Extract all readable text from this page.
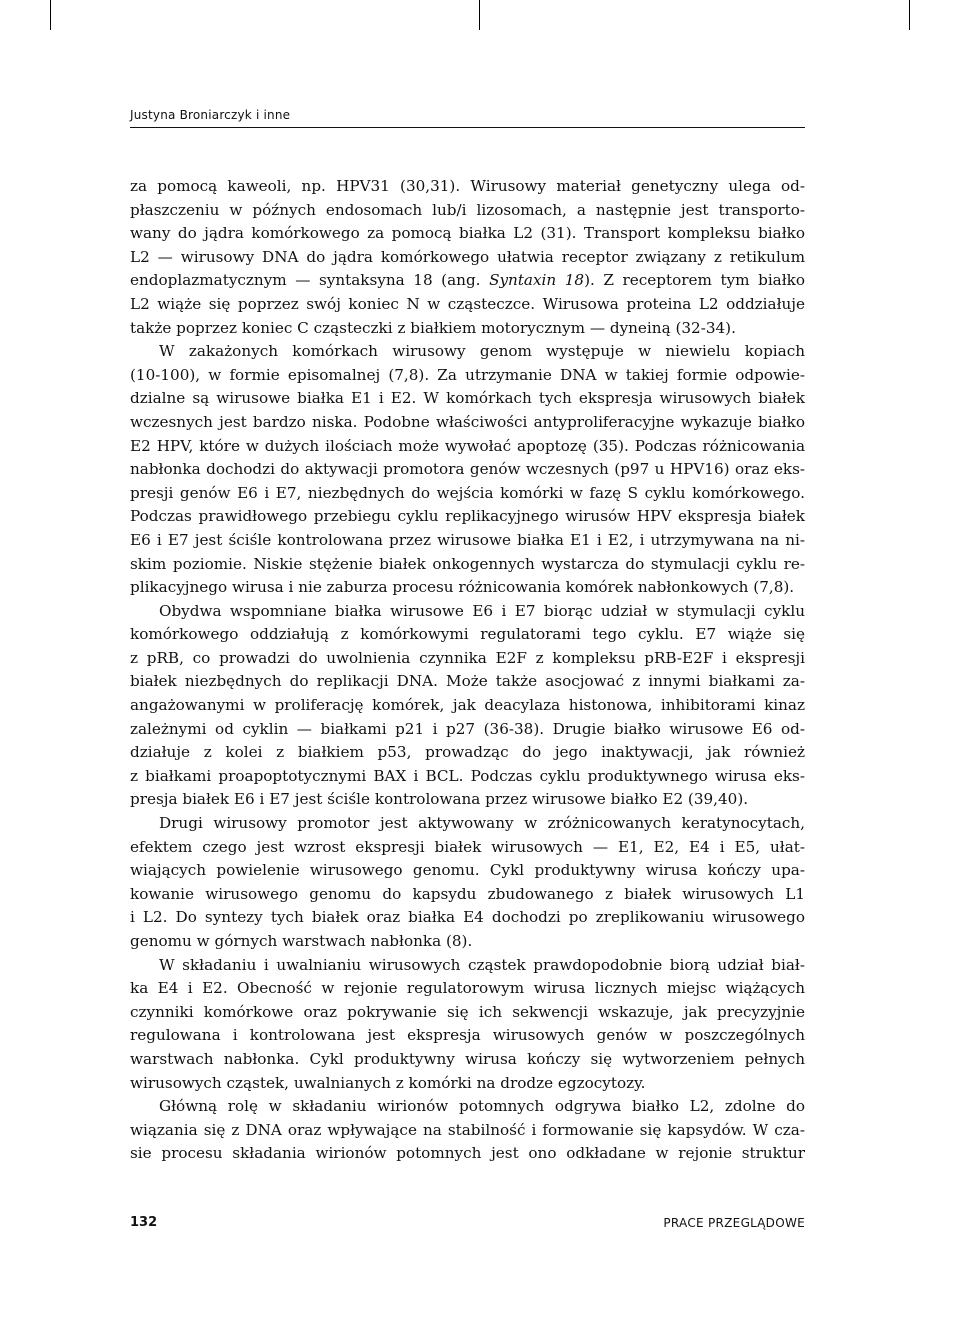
Justyna Broniarczyk i inne
za pomocą kaweoli, np. HPV31 (30,31). Wirusowy materiał genetyczny ulega od-
płaszczeniu w późnych endosomach lub/i lizosomach, a następnie jest transporto-
wany do jądra komórkowego za pomocą białka L2 (31). Transport kompleksu białko
L2 — wirusowy DNA do jądra komórkowego ułatwia receptor związany z retikulum
endoplazmatycznym — syntaksyna 18 (ang. Syntaxin 18). Z receptorem tym białko
L2 wiąże się poprzez swój koniec N w cząsteczce. Wirusowa proteina L2 oddziałuje
także poprzez koniec C cząsteczki z białkiem motorycznym — dyneiną (32-34).
W zakażonych komórkach wirusowy genom występuje w niewielu kopiach
(10-100), w formie episomalnej (7,8). Za utrzymanie DNA w takiej formie odpowie-
dzialne są wirusowe białka E1 i E2. W komórkach tych ekspresja wirusowych białek
wczesnych jest bardzo niska. Podobne właściwości antyproliferacyjne wykazuje białko
E2 HPV, które w dużych ilościach może wywołać apoptozę (35). Podczas różnicowania
nabłonka dochodzi do aktywacji promotora genów wczesnych (p97 u HPV16) oraz eks-
presji genów E6 i E7, niezbędnych do wejścia komórki w fazę S cyklu komórkowego.
Podczas prawidłowego przebiegu cyklu replikacyjnego wirusów HPV ekspresja białek
E6 i E7 jest ściśle kontrolowana przez wirusowe białka E1 i E2, i utrzymywana na ni-
skim poziomie. Niskie stężenie białek onkogennych wystarcza do stymulacji cyklu re-
plikacyjnego wirusa i nie zaburza procesu różnicowania komórek nabłonkowych (7,8).
Obydwa wspomniane białka wirusowe E6 i E7 biorąc udział w stymulacji cyklu
komórkowego oddziałują z komórkowymi regulatorami tego cyklu. E7 wiąże się
z pRB, co prowadzi do uwolnienia czynnika E2F z kompleksu pRB-E2F i ekspresji
białek niezbędnych do replikacji DNA. Może także asocjować z innymi białkami za-
angażowanymi w proliferację komórek, jak deacylaza histonowa, inhibitorami kinaz
zależnymi od cyklin — białkami p21 i p27 (36-38). Drugie białko wirusowe E6 od-
działuje z kolei z białkiem p53, prowadząc do jego inaktywacji, jak również
z białkami proapoptotycznymi BAX i BCL. Podczas cyklu produktywnego wirusa eks-
presja białek E6 i E7 jest ściśle kontrolowana przez wirusowe białko E2 (39,40).
Drugi wirusowy promotor jest aktywowany w zróżnicowanych keratynocytach,
efektem czego jest wzrost ekspresji białek wirusowych — E1, E2, E4 i E5, ułat-
wiających powielenie wirusowego genomu. Cykl produktywny wirusa kończy upa-
kowanie wirusowego genomu do kapsydu zbudowanego z białek wirusowych L1
i L2. Do syntezy tych białek oraz białka E4 dochodzi po zreplikowaniu wirusowego
genomu w górnych warstwach nabłonka (8).
W składaniu i uwalnianiu wirusowych cząstek prawdopodobnie biorą udział biał-
ka E4 i E2. Obecność w rejonie regulatorowym wirusa licznych miejsc wiążących
czynniki komórkowe oraz pokrywanie się ich sekwencji wskazuje, jak precyzyjnie
regulowana i kontrolowana jest ekspresja wirusowych genów w poszczególnych
warstwach nabłonka. Cykl produktywny wirusa kończy się wytworzeniem pełnych
wirusowych cząstek, uwalnianych z komórki na drodze egzocytozy.
Główną rolę w składaniu wirionów potomnych odgrywa białko L2, zdolne do
wiązania się z DNA oraz wpływające na stabilność i formowanie się kapsydów. W cza-
sie procesu składania wirionów potomnych jest ono odkładane w rejonie struktur
132	PRACE PRZEGLĄDOWE
